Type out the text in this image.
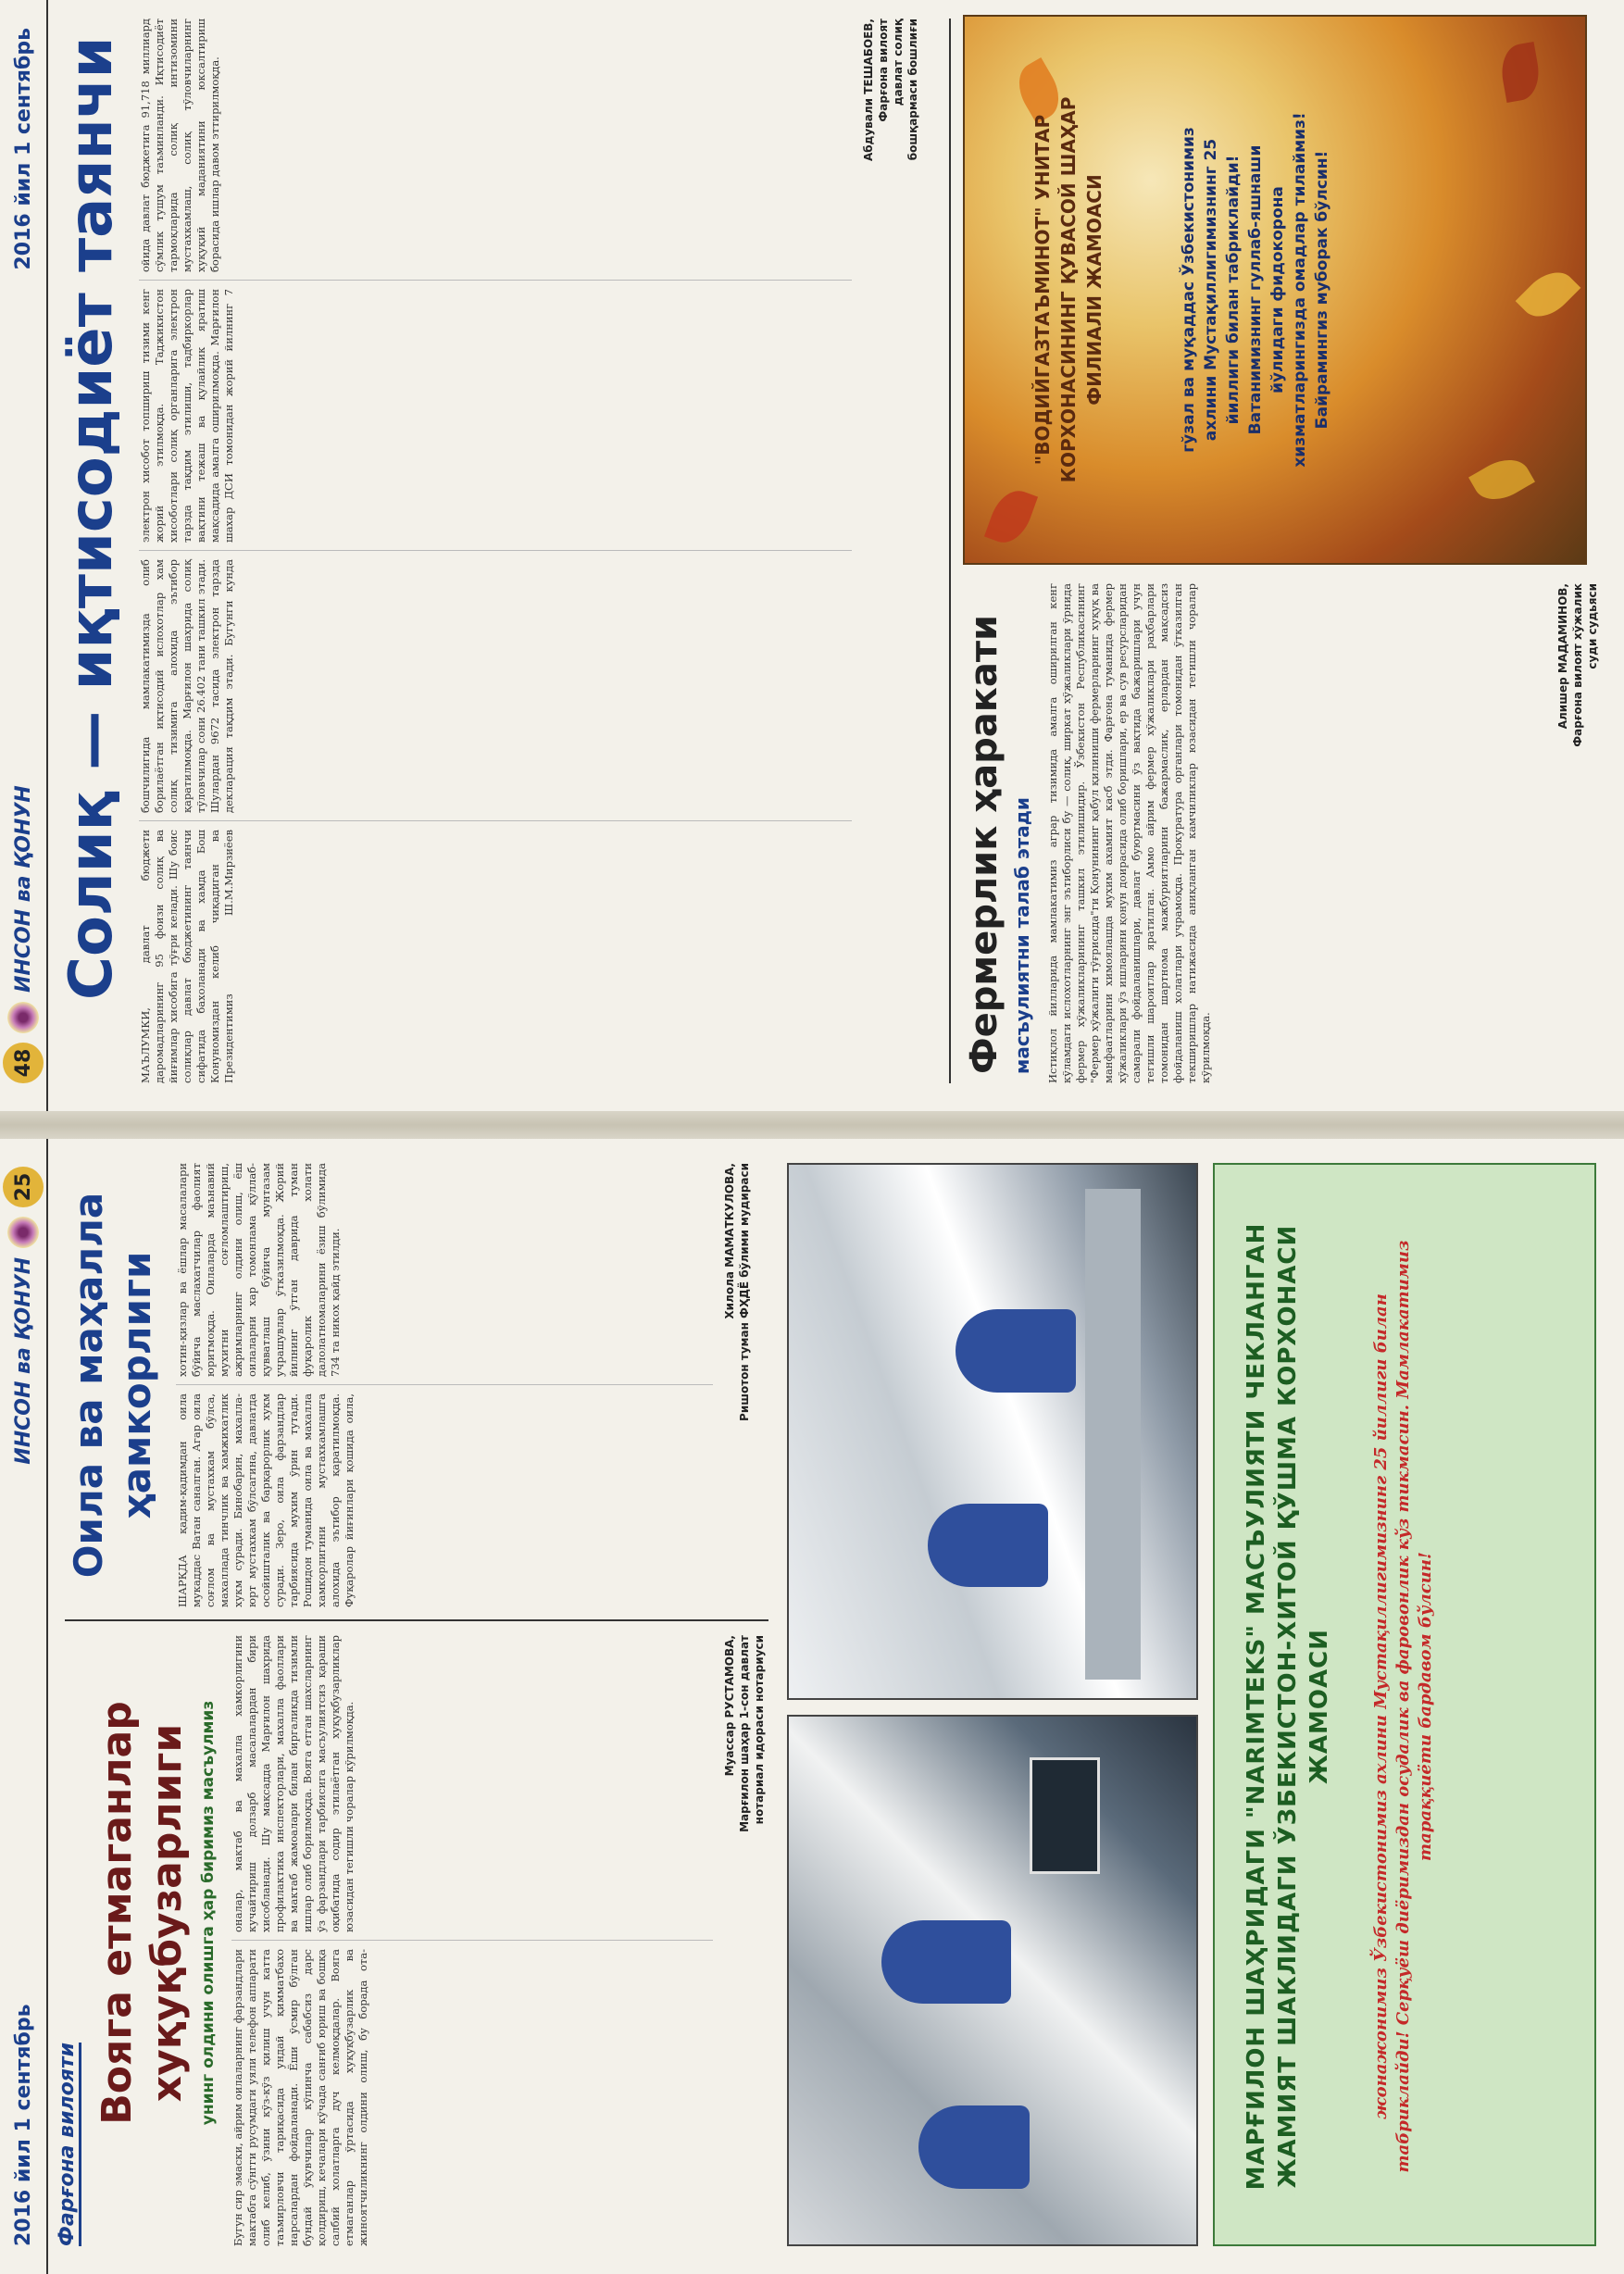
48
ИНСОН ва ҚОНУН
2016 йил 1 сентябрь Солиқ — иқтисодиёт таянчи МАЪЛУМКИ, давлат бюджети даромадларининг 95 фоизи солиқ ва йиғимлар хисобига тўғри келади. Шу боис солиқлар давлат бюджетининг таянчи сифатида бахоланади ва хамда Бош Конуномиздан келиб чиқадиган ва Президентимиз Ш.М.Мирзиёев бошчилигида мамлакатимизда олиб борилаётган иқтисодий ислохотлар хам солиқ тизимига алохида эътибор қаратилмоқда. Марғилон шахрида солиқ тўловчилар сони 26.402 тани ташкил этади. Шулардан 9672 тасида электрон тарзда декларация тақдим этади. Бугунги кунда электрон хисобот топшириш тизими кенг жорий этилмоқда. Таджикистон хисоботлари солиқ органларига электрон тарзда тақдим этилиши, тадбиркорлар вақтини тежаш ва қулайлик яратиш мақсадида амалга оширилмоқда. Марғилон шахар ДСИ томонидан жорий йилнинг 7 ойида давлат бюджетига 91,718 миллиард сўмлик тушум таъминланди. Иқтисодиёт тармоқларида солиқ интизомини мустахкамлаш, солиқ тўловчиларнинг хуқуқий маданиятини юксалтириш борасида ишлар давом эттирилмоқда.	Абдували ТЕШАБОЕВ,
Фарғона вилоят
давлат солиқ
бошқармаси бошлиғи
Фермерлик ҳаракати масъулиятни талаб этади Истиқлол йилларида мамлакатимиз аграр тизимида амалга оширилган кенг кўламдаги ислохотларнинг энг эътиборлиси бу — солиқ, ширкат хўжаликлари ўрнида фермер хўжаликларининг ташкил этилишидир. Ўзбекистон Республикасининг "Фермер хўжалиги тўғрисида"ги Қонунининг қабул қилиниши фермерларнинг хуқуқ ва манфаатларини химоялашда мухим ахамият касб этди. Фарғона туманида фермер хўжаликлари ўз ишларини қонун доирасида олиб боришлари, ер ва сув ресурсларидан самарали фойдаланишлари, давлат буюртмасини ўз вақтида бажаришлари учун тегишли шароитлар яратилган. Аммо айрим фермер хўжаликлари раҳбарлари томонидан шартнома мажбуриятларини бажармаслик, ерлардан мақсадсиз фойдаланиш холатлари учрамоқда. Прокуратура органлари томонидан ўтказилган текширишлар натижасида аниқланган камчиликлар юзасидан тегишли чоралар кўрилмоқда.
Алишер МАДАМИНОВ,
Фарғона вилоят хўжалик
суди судьяси
"ВОДИЙГАЗТАЪМИНОТ" УНИТАР КОРХОНАСИНИНГ ҚУВАСОЙ ШАҲАР ФИЛИАЛИ ЖАМОАСИ	гўзал ва муқаддас Ўзбекистонимиз ахлини Мустақиллигимизнинг 25 йиллиги билан табриклайди! Ватанимизнинг гуллаб-яшнаши йўлидаги фидокорона хизматларингизда омадлар тилаймиз! Байрамингиз муборак бўлсин!
2016 йил 1 сентябрь
ИНСОН ва ҚОНУН
25
Фарғона вилояти
Вояга етмаганлар хуқуқбузарлиги унинг олдини олишга ҳар биримиз масъулмиз Бугун сир эмаски, айрим оилаларнинг фарзандлари мактабга сўнгги русумдаги уяли телефон аппарати олиб келиб, ўзини кўз-кўз қилиш учун катта таъмирловчи тариқасида ундай қимматбахо нарсалардан фойдаланади. Ёши ўсмир бўлган бундай ўқувчилар кўпинча сабабсиз дарс қолдириш, кечалари кўчада санғиб юриш ва бошқа салбий холатларга дуч келмоқдалар. Вояга етмаганлар ўртасида хуқуқбузарлик ва жиноятчиликнинг олдини олиш, бу борада ота-оналар, мактаб ва махалла хамкорлигини кучайтириш долзарб масалалардан бири хисобланади. Шу мақсадда Марғилон шахрида профилактика инспекторлари, махалла фаоллари ва мактаб жамоалари билан биргаликда тизимли ишлар олиб борилмоқда. Вояга етган шахсларнинг ўз фарзандлари тарбиясига масъулиятсиз қараши оқибатида содир этилаётган хуқуқбузарликлар юзасидан тегишли чоралар кўрилмоқда.	Муассар РУСТАМОВА,
Марғилон шаҳар 1-сон давлат
нотариал идораси нотариуси
Оила ва маҳалла ҳамкорлиги ШАРҚДА қадим-қадимдан оила мукаддас Ватан саналган. Агар оила соғлом ва мустахкам бўлса, махаллада тинчлик ва хамжихатлик хукм суради. Бинобарин, махалла-юрт мустахкам бўлсагина, давлатда осойишталик ва барқарорлик хукм суради. Зеро, оила фарзандлар тарбиясида мухим ўрин тутади. Рошидон туманида оила ва махалла хамкорлигини мустахкамлашга алохида эътибор қаратилмоқда. Фуқаролар йиғинлари қошида оила, хотин-қизлар ва ёшлар масалалари бўйича маслахатчилар фаолият юритмоқда. Оилаларда маънавий мухитни соғломлаштириш, ажримларнинг олдини олиш, ёш оилаларни хар томонлама қўллаб-қувватлаш бўйича мунтазам учрашувлар ўтказилмоқда. Жорий йилнинг ўтган даврида туман фуқаролик холати далолатномаларини ёзиш бўлимида 734 та никох қайд этилди.	Хилола МАМАТКУЛОВА,
Ришотон туман ФҲДЁ бўлими мудираси
МАРҒИЛОН ШАҲРИДАГИ "NARIMTEKS" МАСЪУЛИЯТИ ЧЕКЛАНГАН ЖАМИЯТ ШАКЛИДАГИ ЎЗБЕКИСТОН-ХИТОЙ ҚЎШМА КОРХОНАСИ ЖАМОАСИ жонажонимиз Ўзбекистонимиз ахлини Мустақиллигимизнинг 25 йиллиги билан табриклайди! Серқуёш диёримиздан осудалик ва фаровонлик кўз тикмасин. Мамлакатимиз тараққиёти бардавом бўлсин!
